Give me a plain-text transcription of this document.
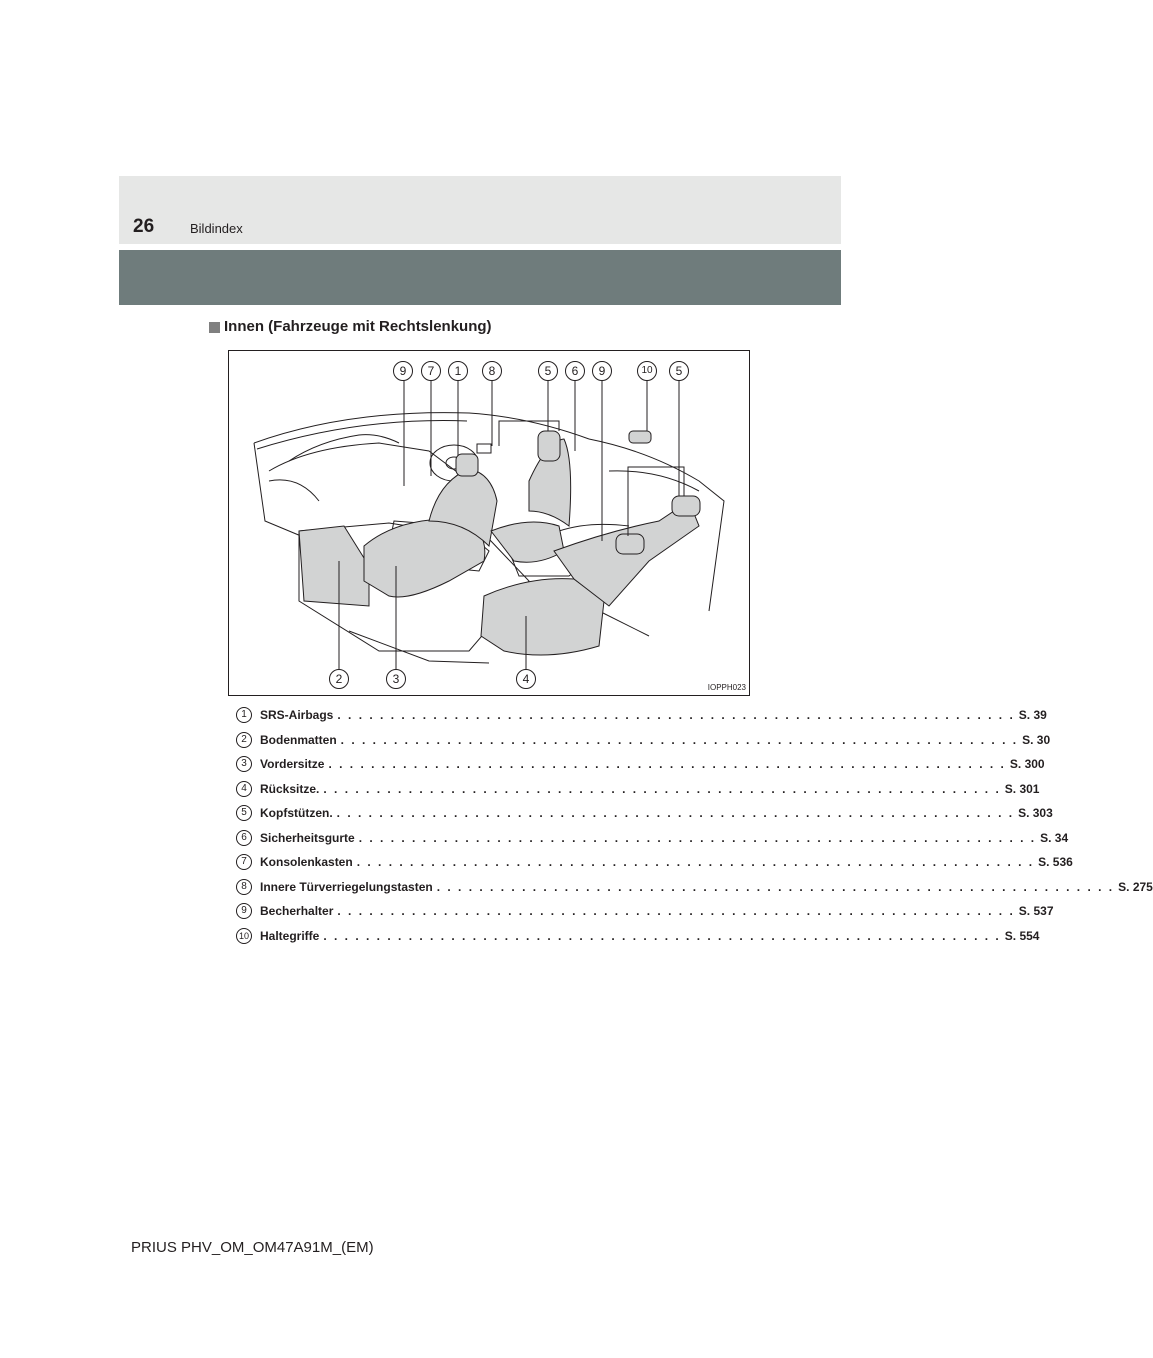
26	Bildindex
Innen (Fahrzeuge mit Rechtslenkung)
9	7	1	8	5	6	9	10	5
2	3	4
IOPPH023
1	SRS-Airbags . . . . . . . . . . . . . . . . . . . . . . . . . . . . . . . . . . . . . . . . . . . . . . . . . . . . . . . . . . . . . . . . S. 39
2	Bodenmatten . . . . . . . . . . . . . . . . . . . . . . . . . . . . . . . . . . . . . . . . . . . . . . . . . . . . . . . . . . . . . . . . S. 30
3	Vordersitze . . . . . . . . . . . . . . . . . . . . . . . . . . . . . . . . . . . . . . . . . . . . . . . . . . . . . . . . . . . . . . . . S. 300
4	Rücksitze. . . . . . . . . . . . . . . . . . . . . . . . . . . . . . . . . . . . . . . . . . . . . . . . . . . . . . . . . . . . . . . . . S. 301
5	Kopfstützen. . . . . . . . . . . . . . . . . . . . . . . . . . . . . . . . . . . . . . . . . . . . . . . . . . . . . . . . . . . . . . . . . S. 303
6	Sicherheitsgurte . . . . . . . . . . . . . . . . . . . . . . . . . . . . . . . . . . . . . . . . . . . . . . . . . . . . . . . . . . . . . . . . S. 34
7	Konsolenkasten . . . . . . . . . . . . . . . . . . . . . . . . . . . . . . . . . . . . . . . . . . . . . . . . . . . . . . . . . . . . . . . . S. 536
8	Innere Türverriegelungstasten . . . . . . . . . . . . . . . . . . . . . . . . . . . . . . . . . . . . . . . . . . . . . . . . . . . . . . . . . . . . . . . . S. 275
9	Becherhalter . . . . . . . . . . . . . . . . . . . . . . . . . . . . . . . . . . . . . . . . . . . . . . . . . . . . . . . . . . . . . . . . S. 537
10 Haltegriffe . . . . . . . . . . . . . . . . . . . . . . . . . . . . . . . . . . . . . . . . . . . . . . . . . . . . . . . . . . . . . . . . S. 554
PRIUS PHV_OM_OM47A91M_(EM)
